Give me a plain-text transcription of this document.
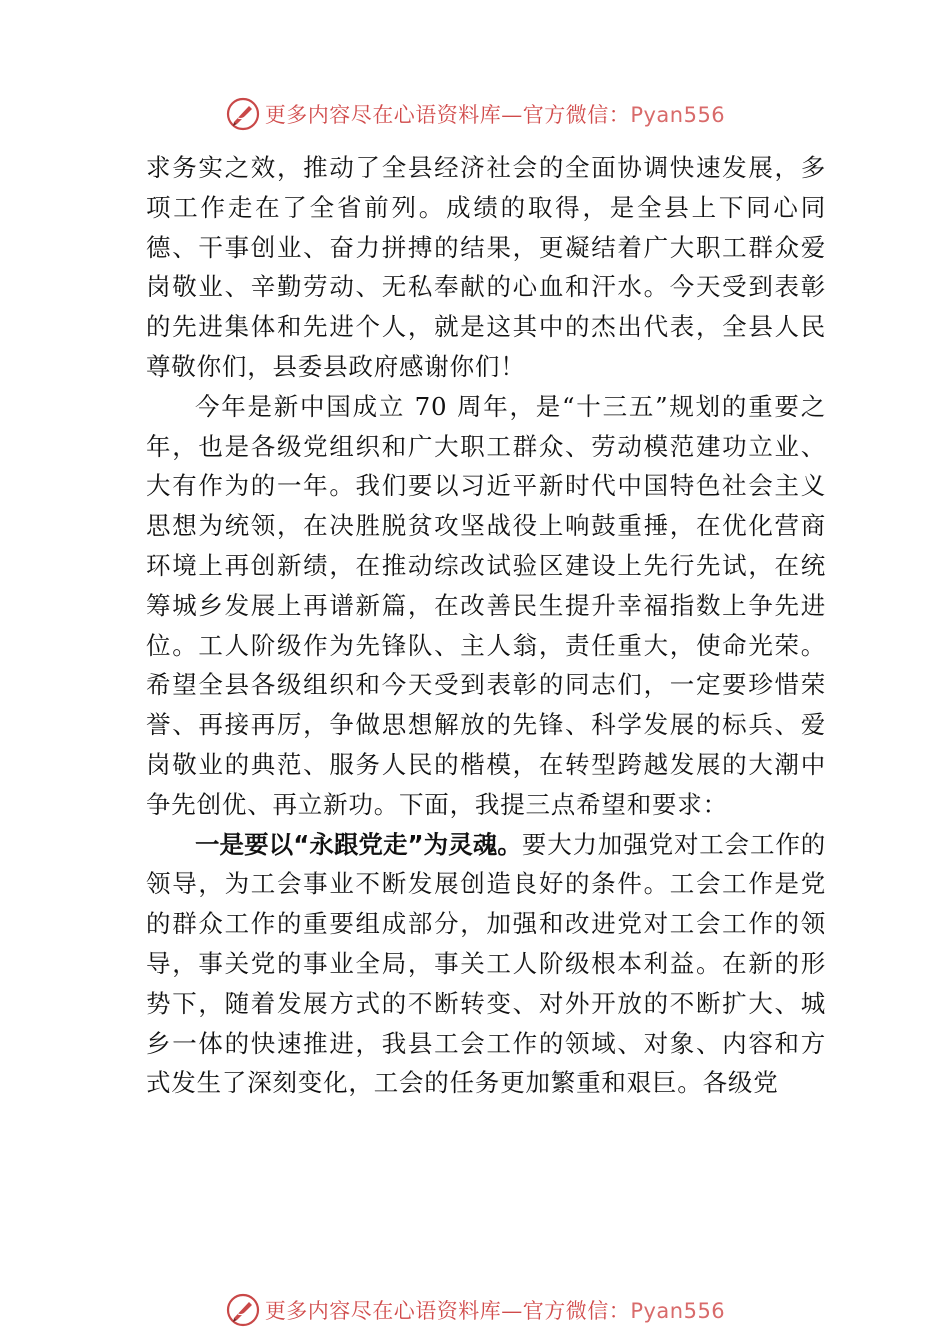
更多内容尽在心语资料库—官方微信：Pyan556

求务实之效，推动了全县经济社会的全面协调快速发展，多项工作走在了全省前列。成绩的取得，是全县上下同心同德、干事创业、奋力拼搏的结果，更凝结着广大职工群众爱岗敬业、辛勤劳动、无私奉献的心血和汗水。今天受到表彰的先进集体和先进个人，就是这其中的杰出代表，全县人民尊敬你们，县委县政府感谢你们！

今年是新中国成立 70 周年，是“十三五”规划的重要之年，也是各级党组织和广大职工群众、劳动模范建功立业、大有作为的一年。我们要以习近平新时代中国特色社会主义思想为统领，在决胜脱贫攻坚战役上响鼓重捶，在优化营商环境上再创新绩，在推动综改试验区建设上先行先试，在统筹城乡发展上再谱新篇，在改善民生提升幸福指数上争先进位。工人阶级作为先锋队、主人翁，责任重大，使命光荣。希望全县各级组织和今天受到表彰的同志们，一定要珍惜荣誉、再接再厉，争做思想解放的先锋、科学发展的标兵、爱岗敬业的典范、服务人民的楷模，在转型跨越发展的大潮中争先创优、再立新功。下面，我提三点希望和要求：

一是要以“永跟党走”为灵魂。要大力加强党对工会工作的领导，为工会事业不断发展创造良好的条件。工会工作是党的群众工作的重要组成部分，加强和改进党对工会工作的领导，事关党的事业全局，事关工人阶级根本利益。在新的形势下，随着发展方式的不断转变、对外开放的不断扩大、城乡一体的快速推进，我县工会工作的领域、对象、内容和方式发生了深刻变化，工会的任务更加繁重和艰巨。各级党

更多内容尽在心语资料库—官方微信：Pyan556
